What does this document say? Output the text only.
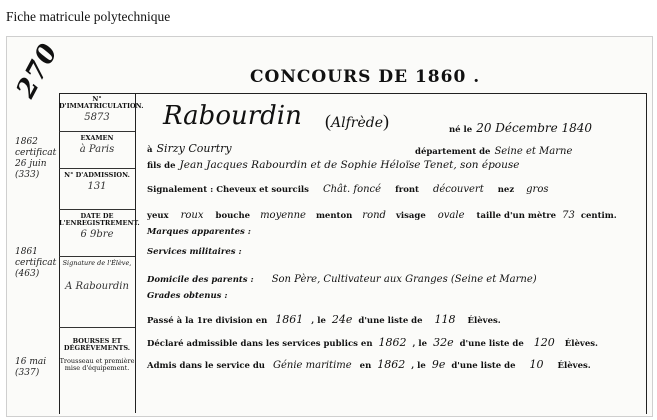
Fiche matricule polytechnique
270	CONCOURS DE 1860 .
1862 certificat 26 juin (333)
1861 certificat (463)
16 mai (337)
N° D'IMMATRICULATION.
5873
EXAMEN
à Paris
N° D'ADMISSION.
131
DATE DE L'ENREGISTREMENT.
6 9bre
Signature de l'Élève,
A Rabourdin
BOURSES ET DÉGRÈVEMENTS.
Trousseau et première mise d'équipement.
Rabourdin (Alfrède)	né le 20 Décembre 1840
à Sirzy Courtry	département de Seine et Marne
fils de Jean Jacques Rabourdin et de Sophie Héloïse Tenet, son épouse
Signalement : Cheveux et sourcils Chât. foncé front découvert nez gros
yeux roux bouche moyenne menton rond visage ovale taille d'un mètre 73 centim.
Marques apparentes :
Services militaires :
Domicile des parents : Son Père, Cultivateur aux Granges (Seine et Marne)
Grades obtenus :
Passé à la 1re division en 1861 , le 24e d'une liste de 118 Élèves.
Déclaré admissible dans les services publics en 1862 , le 32e d'une liste de 120 Élèves.
Admis dans le service du Génie maritime en 1862 , le 9e d'une liste de 10 Élèves.
